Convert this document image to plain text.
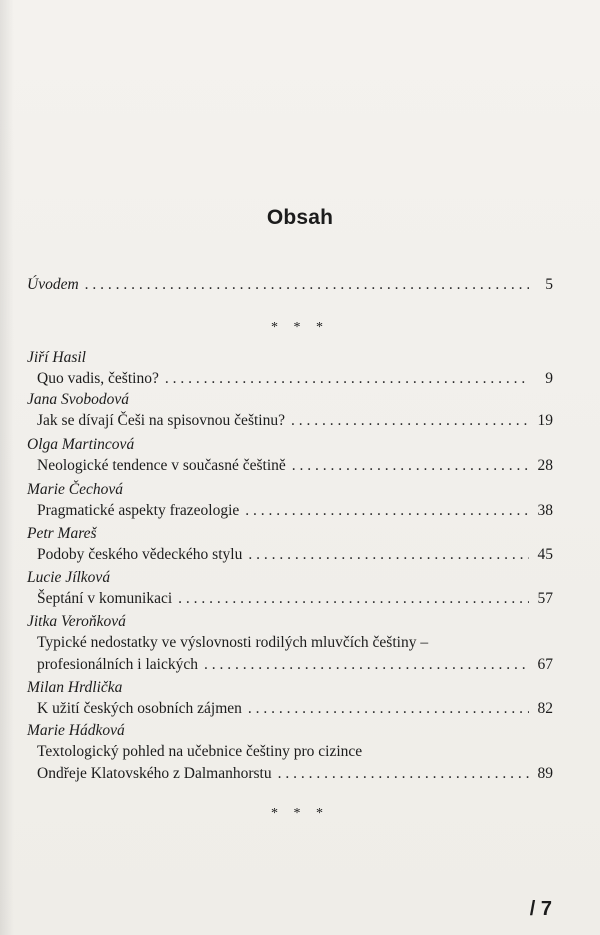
Obsah
Úvodem . . .	5
* * *
Jiří Hasil
Quo vadis, češtino? . . .	9
Jana Svobodová
Jak se dívají Češi na spisovnou češtinu? . . .	19
Olga Martincová
Neologické tendence v současné češtině . . .	28
Marie Čechová
Pragmatické aspekty frazeologie . . .	38
Petr Mareš
Podoby českého vědeckého stylu . . .	45
Lucie Jílková
Šeptání v komunikaci . . .	57
Jitka Veroňková
Typické nedostatky ve výslovnosti rodilých mluvčích češtiny –
profesionálních i laických . . .	67
Milan Hrdlička
K užití českých osobních zájmen . . .	82
Marie Hádková
Textologický pohled na učebnice češtiny pro cizince
Ondřeje Klatovského z Dalmanhorstu . . .	89
* * *
/ 7
